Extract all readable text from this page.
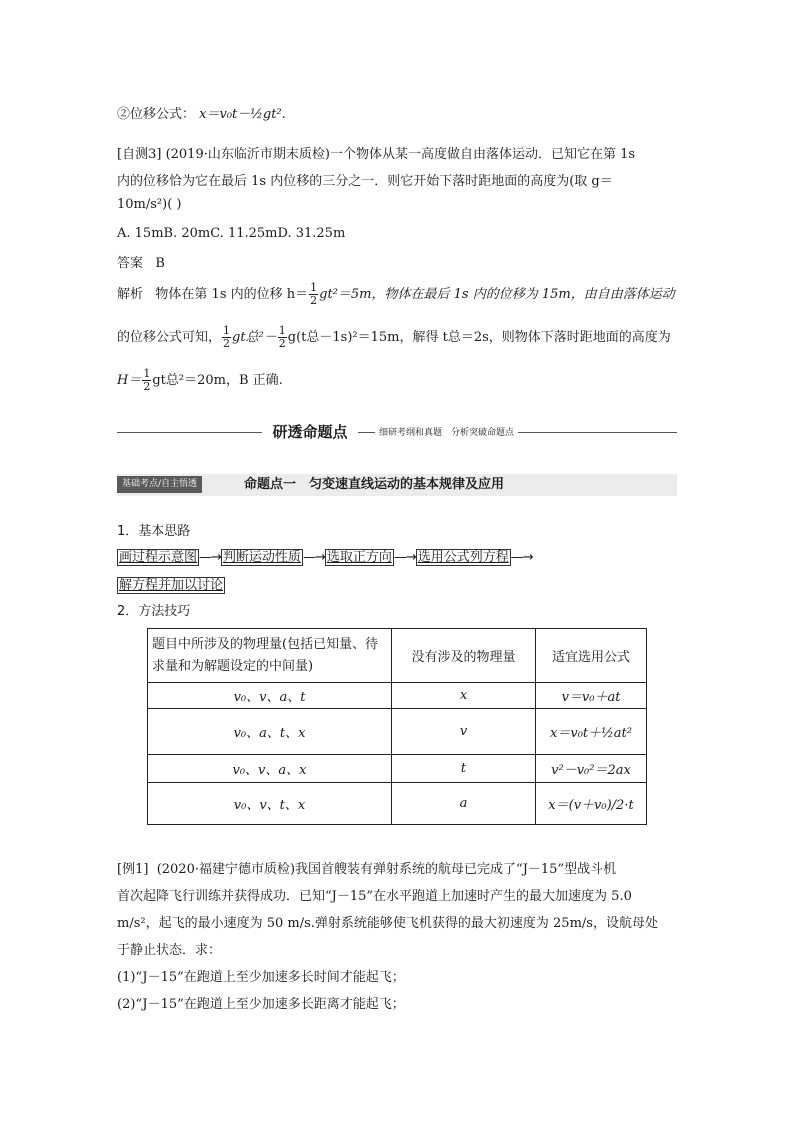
②位移公式： x＝v₀t－½gt².
[自测3] (2019·山东临沂市期末质检)一个物体从某一高度做自由落体运动．已知它在第 1s
内的位移恰为它在最后 1s 内位移的三分之一．则它开始下落时距地面的高度为(取 g＝
10m/s²)( )
A. 15mB. 20mC. 11.25mD. 31.25m
答案 B
解析 物体在第 1s 内的位移 $h= \frac{1}{2} gt^2=5m$，物体在最后 1s 内的位移为 15m，由自由落体运动
的位移公式可知， $\frac{1}{2}$ gt总$^2- \frac{1}{2} g(t$总－1s)²＝15m，解得 t总＝2s，则物体下落时距地面的高度为
$H= \frac{1}{2}$ gt总²＝20m，B 正确.
研透命题点	细研考纲和真题　分析突破命题点
基础考点/自主悟透	命题点一　匀变速直线运动的基本规律及应用
1．基本思路
画过程示意图 —→ 判断运动性质 —→ 选取正方向 —→ 选用公式列方程 —→
解方程并加以讨论
2．方法技巧
题目中所涉及的物理量(包括已知量、待求量和为解题设定的中间量)	没有涉及的物理量	适宜选用公式
v₀、v、a、t	x	v＝v₀＋at
v₀、a、t、x	v	x＝v₀t＋½at²
v₀、v、a、x	t	v²－v₀²＝2ax
v₀、v、t、x	a	x＝(v＋v₀)/2·t
[例1] (2020·福建宁德市质检)我国首艘装有弹射系统的航母已完成了“J－15”型战斗机
首次起降飞行训练并获得成功．已知“J－15”在水平跑道上加速时产生的最大加速度为 5.0
m/s²，起飞的最小速度为 50 m/s.弹射系统能够使飞机获得的最大初速度为 25m/s，设航母处
于静止状态．求：
(1)“J－15”在跑道上至少加速多长时间才能起飞；
(2)“J－15”在跑道上至少加速多长距离才能起飞；
